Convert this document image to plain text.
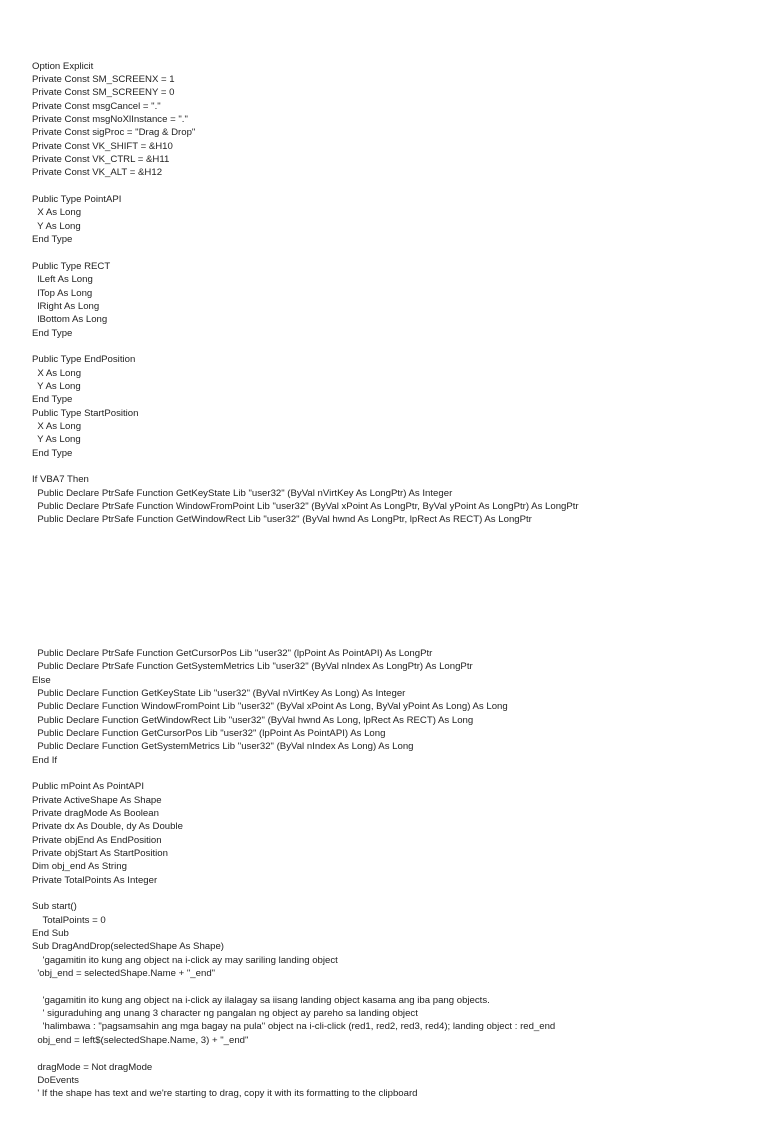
Option Explicit
Private Const SM_SCREENX = 1
Private Const SM_SCREENY = 0
Private Const msgCancel = "."
Private Const msgNoXlInstance = "."
Private Const sigProc = "Drag & Drop"
Private Const VK_SHIFT = &H10
Private Const VK_CTRL = &H11
Private Const VK_ALT = &H12
Public Type PointAPI
X As Long
Y As Long
End Type
Public Type RECT
lLeft As Long
lTop As Long
lRight As Long
lBottom As Long
End Type
Public Type EndPosition
X As Long
Y As Long
End Type
Public Type StartPosition
X As Long
Y As Long
End Type
If VBA7 Then
Public Declare PtrSafe Function GetKeyState Lib "user32" (ByVal nVirtKey As LongPtr) As Integer
Public Declare PtrSafe Function WindowFromPoint Lib "user32" (ByVal xPoint As LongPtr, ByVal yPoint As LongPtr) As LongPtr
Public Declare PtrSafe Function GetWindowRect Lib "user32" (ByVal hwnd As LongPtr, lpRect As RECT) As LongPtr

Public Declare PtrSafe Function GetCursorPos Lib "user32" (lpPoint As PointAPI) As LongPtr
Public Declare PtrSafe Function GetSystemMetrics Lib "user32" (ByVal nIndex As LongPtr) As LongPtr
Else
Public Declare Function GetKeyState Lib "user32" (ByVal nVirtKey As Long) As Integer
Public Declare Function WindowFromPoint Lib "user32" (ByVal xPoint As Long, ByVal yPoint As Long) As Long
Public Declare Function GetWindowRect Lib "user32" (ByVal hwnd As Long, lpRect As RECT) As Long
Public Declare Function GetCursorPos Lib "user32" (lpPoint As PointAPI) As Long
Public Declare Function GetSystemMetrics Lib "user32" (ByVal nIndex As Long) As Long
End If
Public mPoint As PointAPI
Private ActiveShape As Shape
Private dragMode As Boolean
Private dx As Double, dy As Double
Private objEnd As EndPosition
Private objStart As StartPosition
Dim obj_end As String
Private TotalPoints As Integer
Sub start()
TotalPoints = 0
End Sub
Sub DragAndDrop(selectedShape As Shape)
'gagamitin ito kung ang object na i-click ay may sariling landing object
'obj_end = selectedShape.Name + "_end"
'gagamitin ito kung ang object na i-click ay ilalagay sa iisang landing object kasama ang iba pang objects.
' siguraduhing ang unang 3 character ng pangalan ng object ay pareho sa landing object
'halimbawa : "pagsamsahin ang mga bagay na pula" object na i-cli-click (red1, red2, red3, red4); landing object : red_end
obj_end = left$(selectedShape.Name, 3) + "_end"
dragMode = Not dragMode
DoEvents
' If the shape has text and we're starting to drag, copy it with its formatting to the clipboard
